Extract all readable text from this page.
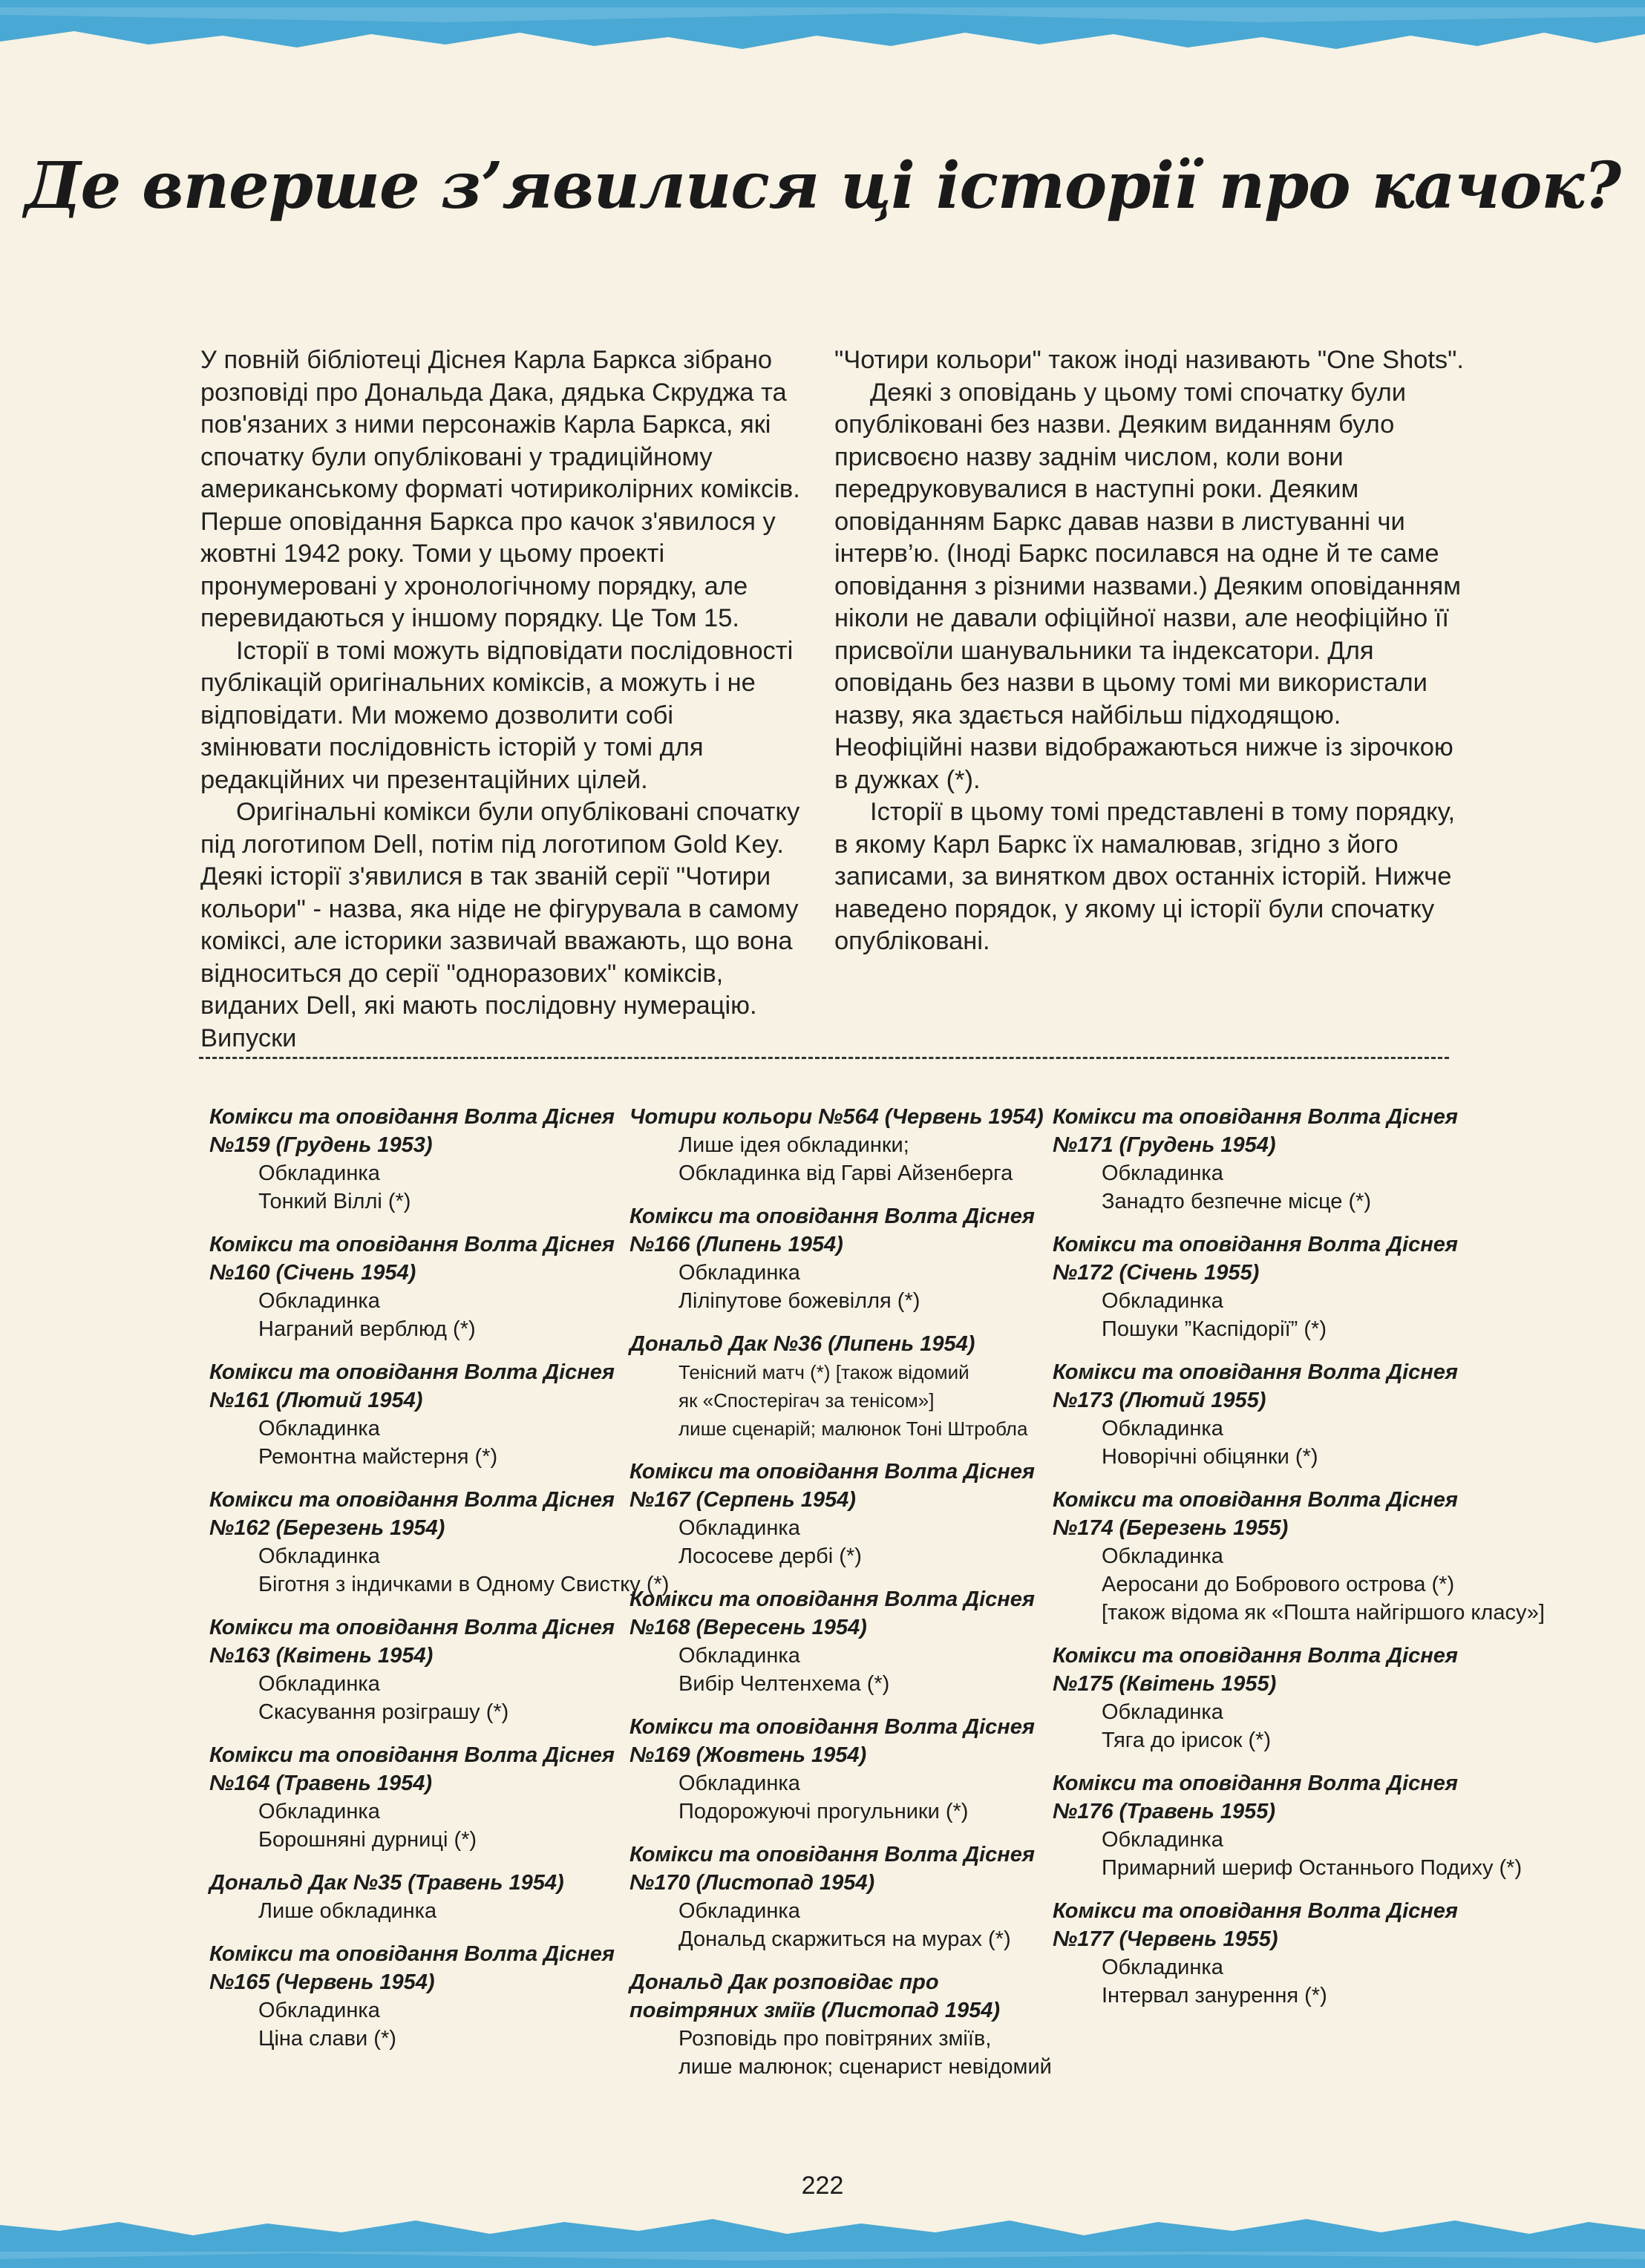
Де вперше з’явилися ці історії про качок?

У повній бібліотеці Діснея Карла Баркса зібрано розповіді про Дональда Дака, дядька Скруджа та пов'язаних з ними персонажів Карла Баркса, які спочатку були опубліковані у традиційному американському форматі чотириколірних коміксів. Перше оповідання Баркса про качок з'явилося у жовтні 1942 року. Томи у цьому проекті пронумеровані у хронологічному порядку, але перевидаються у іншому порядку. Це Том 15.

Історії в томі можуть відповідати послідовності публікацій оригінальних коміксів, а можуть і не відповідати. Ми можемо дозволити собі змінювати послідовність історій у томі для редакційних чи презентаційних цілей.

Оригінальні комікси були опубліковані спочатку під логотипом Dell, потім під логотипом Gold Key. Деякі історії з'явилися в так званій серії "Чотири кольори" - назва, яка ніде не фігурувала в самому коміксі, але історики зазвичай вважають, що вона відноситься до серії "одноразових" коміксів, виданих Dell, які мають послідовну нумерацію. Випуски

"Чотири кольори" також іноді називають "One Shots".

Деякі з оповідань у цьому томі спочатку були опубліковані без назви. Деяким виданням було присвоєно назву заднім числом, коли вони передруковувалися в наступні роки. Деяким оповіданням Баркс давав назви в листуванні чи інтерв’ю. (Іноді Баркс посилався на одне й те саме оповідання з різними назвами.) Деяким оповіданням ніколи не давали офіційної назви, але неофіційно її присвоїли шанувальники та індексатори. Для оповідань без назви в цьому томі ми використали назву, яка здається найбільш підходящою. Неофіційні назви відображаються нижче із зірочкою в дужках (*).

Історії в цьому томі представлені в тому порядку, в якому Карл Баркс їх намалював, згідно з його записами, за винятком двох останніх історій. Нижче наведено порядок, у якому ці історії були спочатку опубліковані.

Комікси та оповідання Волта Діснея
№159 (Грудень 1953)
Обкладинка
Тонкий Віллі (*)
Комікси та оповідання Волта Діснея
№160 (Січень 1954)
Обкладинка
Награний верблюд (*)
Комікси та оповідання Волта Діснея
№161 (Лютий 1954)
Обкладинка
Ремонтна майстерня (*)
Комікси та оповідання Волта Діснея
№162 (Березень 1954)
Обкладинка
Біготня з індичками в Одному Свистку (*)
Комікси та оповідання Волта Діснея
№163 (Квітень 1954)
Обкладинка
Скасування розіграшу (*)
Комікси та оповідання Волта Діснея
№164 (Травень 1954)
Обкладинка
Борошняні дурниці (*)
Дональд Дак №35 (Травень 1954)
Лише обкладинка
Комікси та оповідання Волта Діснея
№165 (Червень 1954)
Обкладинка
Ціна слави (*)
Чотири кольори №564 (Червень 1954)
Лише ідея обкладинки;
Обкладинка від Гарві Айзенберга
Комікси та оповідання Волта Діснея
№166 (Липень 1954)
Обкладинка
Ліліпутове божевілля (*)
Дональд Дак №36 (Липень 1954)
Тенісний матч (*) [також відомий
як «Спостерігач за тенісом»]
лише сценарій; малюнок Тоні Штробла
Комікси та оповідання Волта Діснея
№167 (Серпень 1954)
Обкладинка
Лососеве дербі (*)
Комікси та оповідання Волта Діснея
№168 (Вересень 1954)
Обкладинка
Вибір Челтенхема (*)
Комікси та оповідання Волта Діснея
№169 (Жовтень 1954)
Обкладинка
Подорожуючі прогульники (*)
Комікси та оповідання Волта Діснея
№170 (Листопад 1954)
Обкладинка
Дональд скаржиться на мурах (*)
Дональд Дак розповідає про
повітряних зміїв (Листопад 1954)
Розповідь про повітряних зміїв,
лише малюнок; сценарист невідомий
Комікси та оповідання Волта Діснея
№171 (Грудень 1954)
Обкладинка
Занадто безпечне місце (*)
Комікси та оповідання Волта Діснея
№172 (Січень 1955)
Обкладинка
Пошуки ”Каспідорії” (*)
Комікси та оповідання Волта Діснея
№173 (Лютий 1955)
Обкладинка
Новорічні обіцянки (*)
Комікси та оповідання Волта Діснея
№174 (Березень 1955)
Обкладинка
Аеросани до Бобрового острова (*)
[також відома як «Пошта найгіршого класу»]
Комікси та оповідання Волта Діснея
№175 (Квітень 1955)
Обкладинка
Тяга до ірисок (*)
Комікси та оповідання Волта Діснея
№176 (Травень 1955)
Обкладинка
Примарний шериф Останнього Подиху (*)
Комікси та оповідання Волта Діснея
№177 (Червень 1955)
Обкладинка
Інтервал занурення (*)
222
